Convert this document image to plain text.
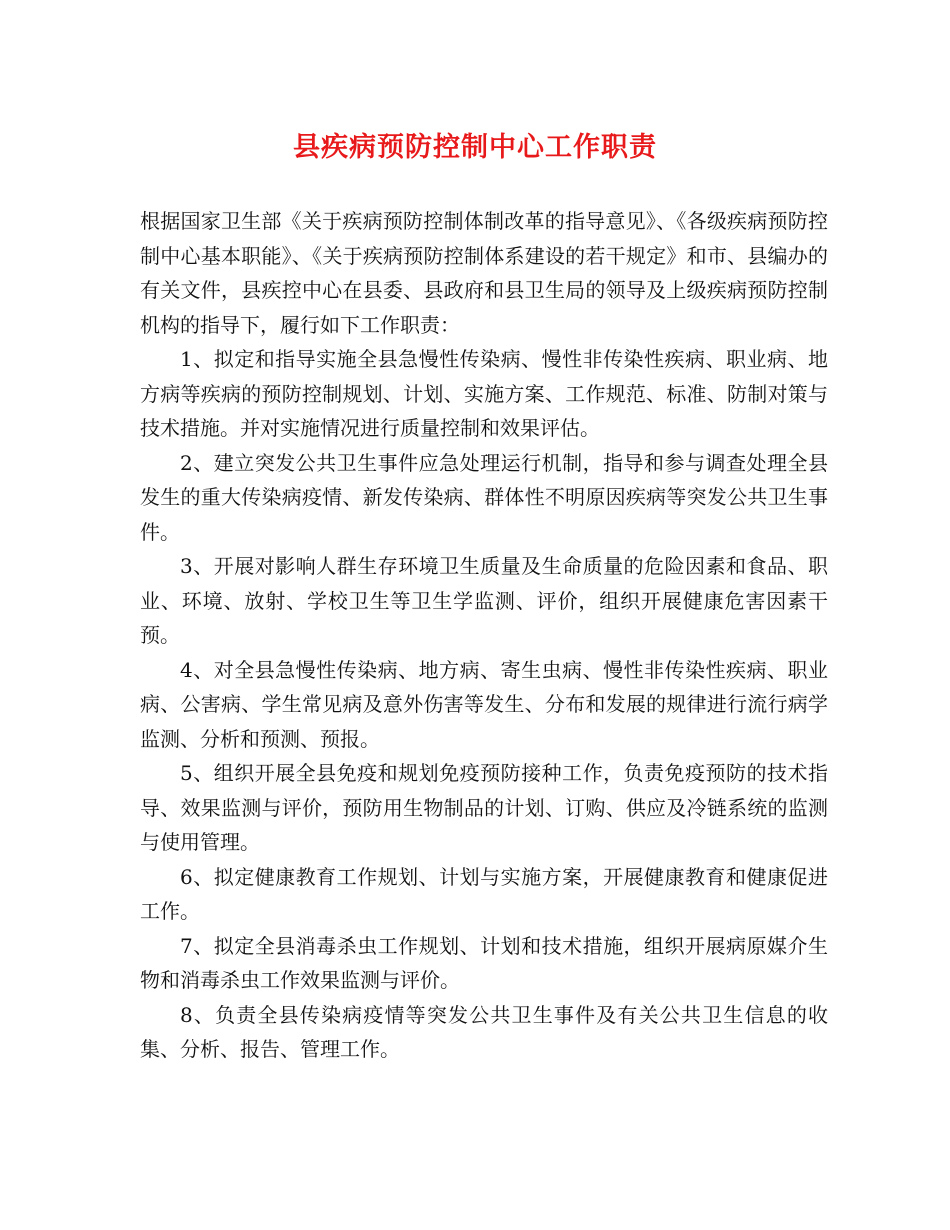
县疾病预防控制中心工作职责

根据国家卫生部《关于疾病预防控制体制改革的指导意见》、《各级疾病预防控制中心基本职能》、《关于疾病预防控制体系建设的若干规定》和市、县编办的有关文件，县疾控中心在县委、县政府和县卫生局的领导及上级疾病预防控制机构的指导下，履行如下工作职责：

1、拟定和指导实施全县急慢性传染病、慢性非传染性疾病、职业病、地方病等疾病的预防控制规划、计划、实施方案、工作规范、标准、防制对策与技术措施。并对实施情况进行质量控制和效果评估。

2、建立突发公共卫生事件应急处理运行机制，指导和参与调查处理全县发生的重大传染病疫情、新发传染病、群体性不明原因疾病等突发公共卫生事件。

3、开展对影响人群生存环境卫生质量及生命质量的危险因素和食品、职业、环境、放射、学校卫生等卫生学监测、评价，组织开展健康危害因素干预。

4、对全县急慢性传染病、地方病、寄生虫病、慢性非传染性疾病、职业病、公害病、学生常见病及意外伤害等发生、分布和发展的规律进行流行病学监测、分析和预测、预报。

5、组织开展全县免疫和规划免疫预防接种工作，负责免疫预防的技术指导、效果监测与评价，预防用生物制品的计划、订购、供应及冷链系统的监测与使用管理。

6、拟定健康教育工作规划、计划与实施方案，开展健康教育和健康促进工作。

7、拟定全县消毒杀虫工作规划、计划和技术措施，组织开展病原媒介生物和消毒杀虫工作效果监测与评价。

8、负责全县传染病疫情等突发公共卫生事件及有关公共卫生信息的收集、分析、报告、管理工作。
